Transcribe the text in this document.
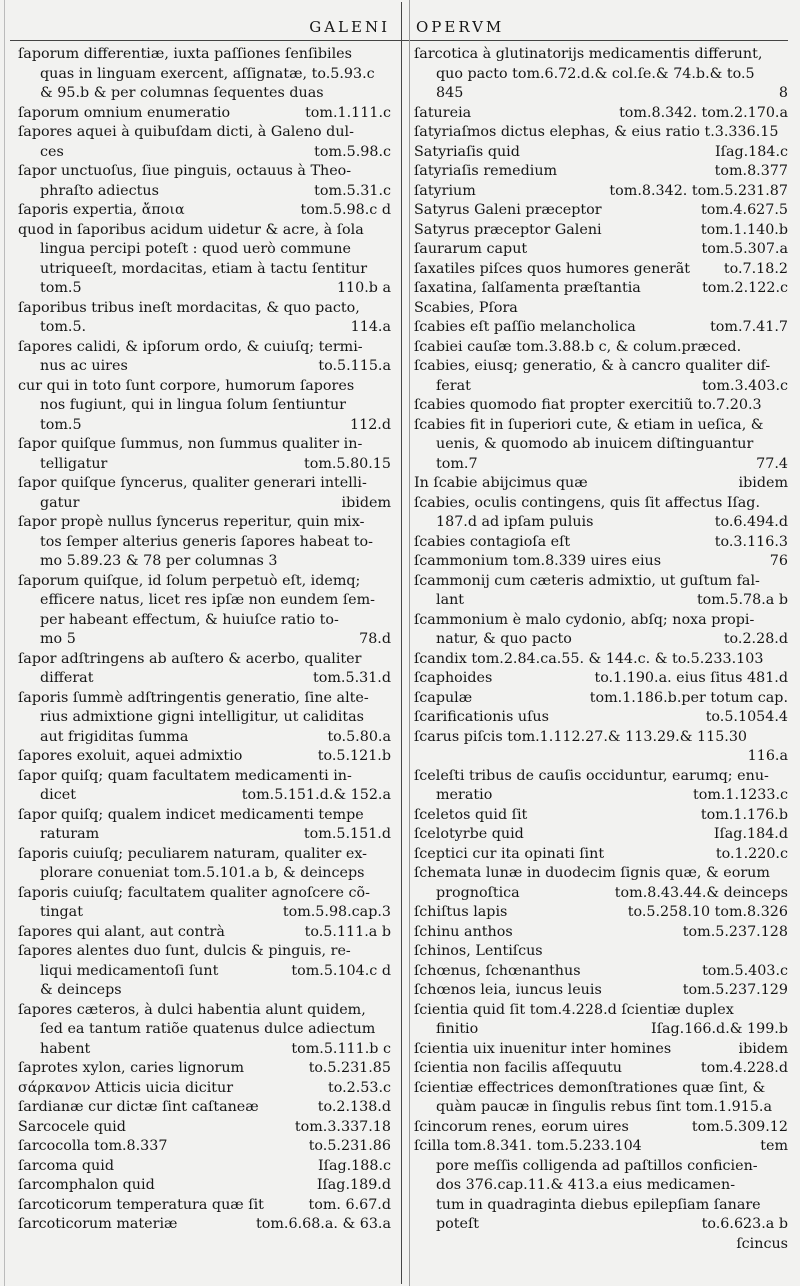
GALENI OPERVM
ſaporum differentiæ, iuxta paſſiones ſenſibiles
quas in linguam exercent, aſſignatæ, to.5.93.c
& 95.b & per columnas ſequentes duas
ſaporum omnium enumeratio	tom.1.111.c
ſapores aquei à quibuſdam dicti, à Galeno dul-
ces	tom.5.98.c
ſapor unctuoſus, ſiue pinguis, octauus à Theo-
phraſto adiectus	tom.5.31.c
ſaporis expertia, ἄποια	tom.5.98.c d
quod in ſaporibus acidum uidetur & acre, à ſola
lingua percipi poteſt : quod uerò commune
utriqueeſt, mordacitas, etiam à tactu ſentitur
tom.5	110.b a
ſaporibus tribus ineſt mordacitas, & quo pacto,
tom.5.	114.a
ſapores calidi, & ipſorum ordo, & cuiuſq; termi-
nus ac uires	to.5.115.a
cur qui in toto ſunt corpore, humorum ſapores
nos fugiunt, qui in lingua ſolum ſentiuntur
tom.5	112.d
ſapor quiſque ſummus, non ſummus qualiter in-
telligatur	tom.5.80.15
ſapor quiſque ſyncerus, qualiter generari intelli-
gatur	ibidem
ſapor propè nullus ſyncerus reperitur, quin mix-
tos ſemper alterius generis ſapores habeat to-
mo 5.89.23 & 78 per columnas 3
ſaporum quiſque, id ſolum perpetuò eſt, idemq;
efficere natus, licet res ipſæ non eundem ſem-
per habeant effectum, & huiuſce ratio to-
mo 5	78.d
ſapor adſtringens ab auſtero & acerbo, qualiter
differat	tom.5.31.d
ſaporis ſummè adſtringentis generatio, ſine alte-
rius admixtione gigni intelligitur, ut caliditas
aut frigiditas ſumma	to.5.80.a
ſapores exoluit, aquei admixtio	to.5.121.b
ſapor quiſq; quam facultatem medicamenti in-
dicet	tom.5.151.d.& 152.a
ſapor quiſq; qualem indicet medicamenti tempe
raturam	tom.5.151.d
ſaporis cuiuſq; peculiarem naturam, qualiter ex-
plorare conueniat tom.5.101.a b, & deinceps
ſaporis cuiuſq; facultatem qualiter agnoſcere cõ-
tingat	tom.5.98.cap.3
ſapores qui alant, aut contrà	to.5.111.a b
ſapores alentes duo ſunt, dulcis & pinguis, re-
liqui medicamentoſi ſunt	tom.5.104.c d
& deinceps
ſapores cæteros, à dulci habentia alunt quidem,
ſed ea tantum ratiõe quatenus dulce adiectum
habent	tom.5.111.b c
ſaprotes xylon, caries lignorum	to.5.231.85
σάρκανον Atticis uicia dicitur	to.2.53.c
ſardianæ cur dictæ ſint caſtaneæ	to.2.138.d
Sarcocele quid	tom.3.337.18
ſarcocolla tom.8.337	to.5.231.86
ſarcoma quid	Iſag.188.c
ſarcomphalon quid	Iſag.189.d
ſarcoticorum temperatura quæ ſit	tom. 6.67.d
ſarcoticorum materiæ	tom.6.68.a. & 63.a
ſarcotica à glutinatorijs medicamentis differunt,
quo pacto tom.6.72.d.& col.ſe.& 74.b.& to.5
845	8
ſatureia	tom.8.342. tom.2.170.a
ſatyriaſmos dictus elephas, & eius ratio t.3.336.15
Satyriaſis quid	Iſag.184.c
ſatyriaſis remedium	tom.8.377
ſatyrium	tom.8.342. tom.5.231.87
Satyrus Galeni præceptor	tom.4.627.5
Satyrus præceptor Galeni	tom.1.140.b
ſaurarum caput	tom.5.307.a
ſaxatiles piſces quos humores generãt to.7.18.2
ſaxatina, ſalſamenta præſtantia	tom.2.122.c
Scabies, Pſora
ſcabies eſt paſſio melancholica	tom.7.41.7
ſcabiei cauſæ tom.3.88.b c, & colum.præced.
ſcabies, eiusq; generatio, & à cancro qualiter dif-
ferat	tom.3.403.c
ſcabies quomodo fiat propter exercitiũ to.7.20.3
ſcabies fit in ſuperiori cute, & etiam in ueſica, &
uenis, & quomodo ab inuicem diſtinguantur
tom.7	77.4
In ſcabie abijcimus quæ	ibidem
ſcabies, oculis contingens, quis ſit affectus Iſag.
187.d ad ipſam puluis	to.6.494.d
ſcabies contagioſa eſt	to.3.116.3
ſcammonium tom.8.339 uires eius	76
ſcammonij cum cæteris admixtio, ut guſtum fal-
lant	tom.5.78.a b
ſcammonium è malo cydonio, abſq; noxa propi-
natur, & quo pacto	to.2.28.d
ſcandix tom.2.84.ca.55. & 144.c. & to.5.233.103
ſcaphoides	to.1.190.a. eius ſitus 481.d
ſcapulæ	tom.1.186.b.per totum cap.
ſcarificationis uſus	to.5.1054.4
ſcarus piſcis tom.1.112.27.& 113.29.& 115.30
116.a
ſceleſti tribus de cauſis occiduntur, earumq; enu-
meratio	tom.1.1233.c
ſceletos quid ſit	tom.1.176.b
ſcelotyrbe quid	Iſag.184.d
ſceptici cur ita opinati ſint	to.1.220.c
ſchemata lunæ in duodecim ſignis quæ, & eorum
prognoſtica	tom.8.43.44.& deinceps
ſchiſtus lapis	to.5.258.10 tom.8.326
ſchinu anthos	tom.5.237.128
ſchinos, Lentiſcus
ſchœnus, ſchœnanthus	tom.5.403.c
ſchœnos leia, iuncus leuis	tom.5.237.129
ſcientia quid ſit tom.4.228.d ſcientiæ duplex
finitio	Iſag.166.d.& 199.b
ſcientia uix inuenitur inter homines	ibidem
ſcientia non facilis aſſequutu	tom.4.228.d
ſcientiæ effectrices demonſtrationes quæ ſint, &
quàm paucæ in ſingulis rebus ſint tom.1.915.a
ſcincorum renes, eorum uires	tom.5.309.12
ſcilla tom.8.341. tom.5.233.104	tem
pore meſſis colligenda ad paſtillos conficien-
dos 376.cap.11.& 413.a eius medicamen-
tum in quadraginta diebus epilepſiam ſanare
poteſt	to.6.623.a b
ſcincus
